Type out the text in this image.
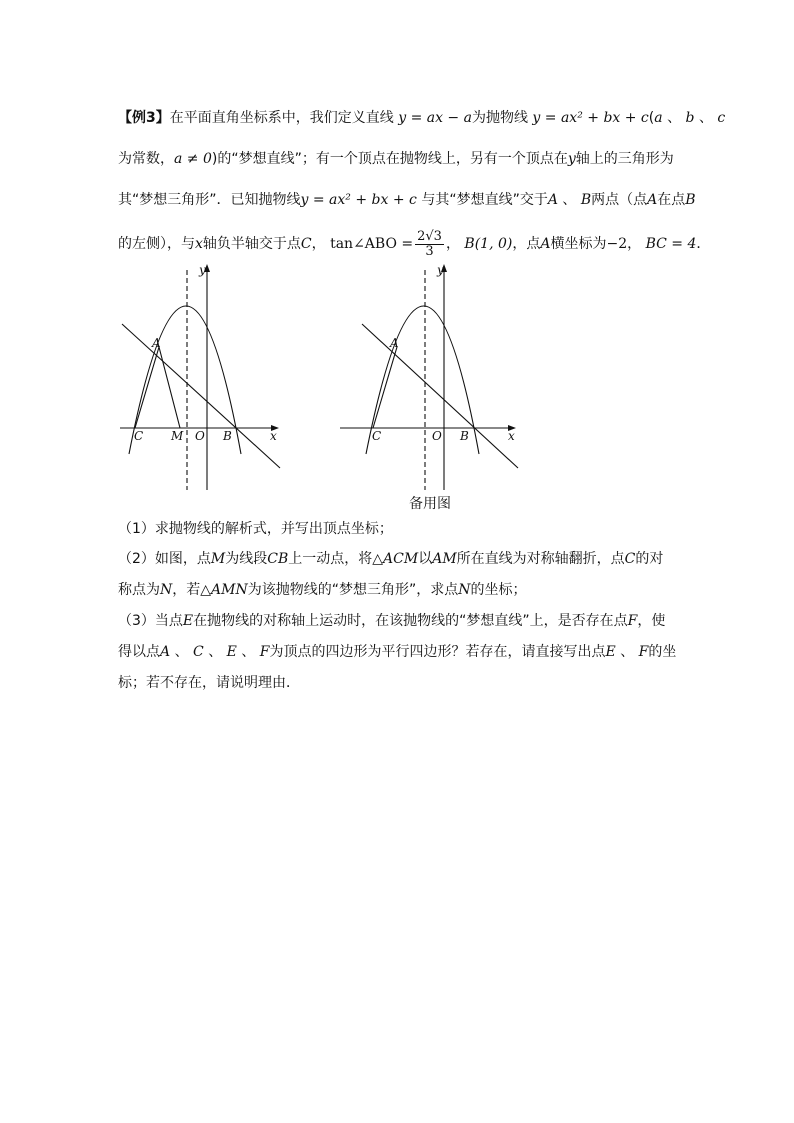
【例3】在平面直角坐标系中，我们定义直线 y = ax − a为抛物线 y = ax² + bx + c(a 、 b 、 c
为常数，a ≠ 0)的“梦想直线”；有一个顶点在抛物线上，另有一个顶点在y轴上的三角形为
其“梦想三角形”．已知抛物线y = ax² + bx + c 与其“梦想直线”交于A 、 B两点（点A在点B
的左侧），与x轴负半轴交于点C， tan∠ABO = $\frac{2√3}{3}$ ， B(1, 0)，点A横坐标为−2， BC = 4．
y
x
A
C M O B
y
x
A
C	O B
备用图
（1）求抛物线的解析式，并写出顶点坐标；
（2）如图，点M为线段CB上一动点，将△ACM以AM所在直线为对称轴翻折，点C的对
称点为N，若△AMN为该抛物线的“梦想三角形”，求点N的坐标；
（3）当点E在抛物线的对称轴上运动时，在该抛物线的“梦想直线”上，是否存在点F，使
得以点A 、 C 、 E 、 F为顶点的四边形为平行四边形？若存在，请直接写出点E 、 F的坐
标；若不存在，请说明理由．
